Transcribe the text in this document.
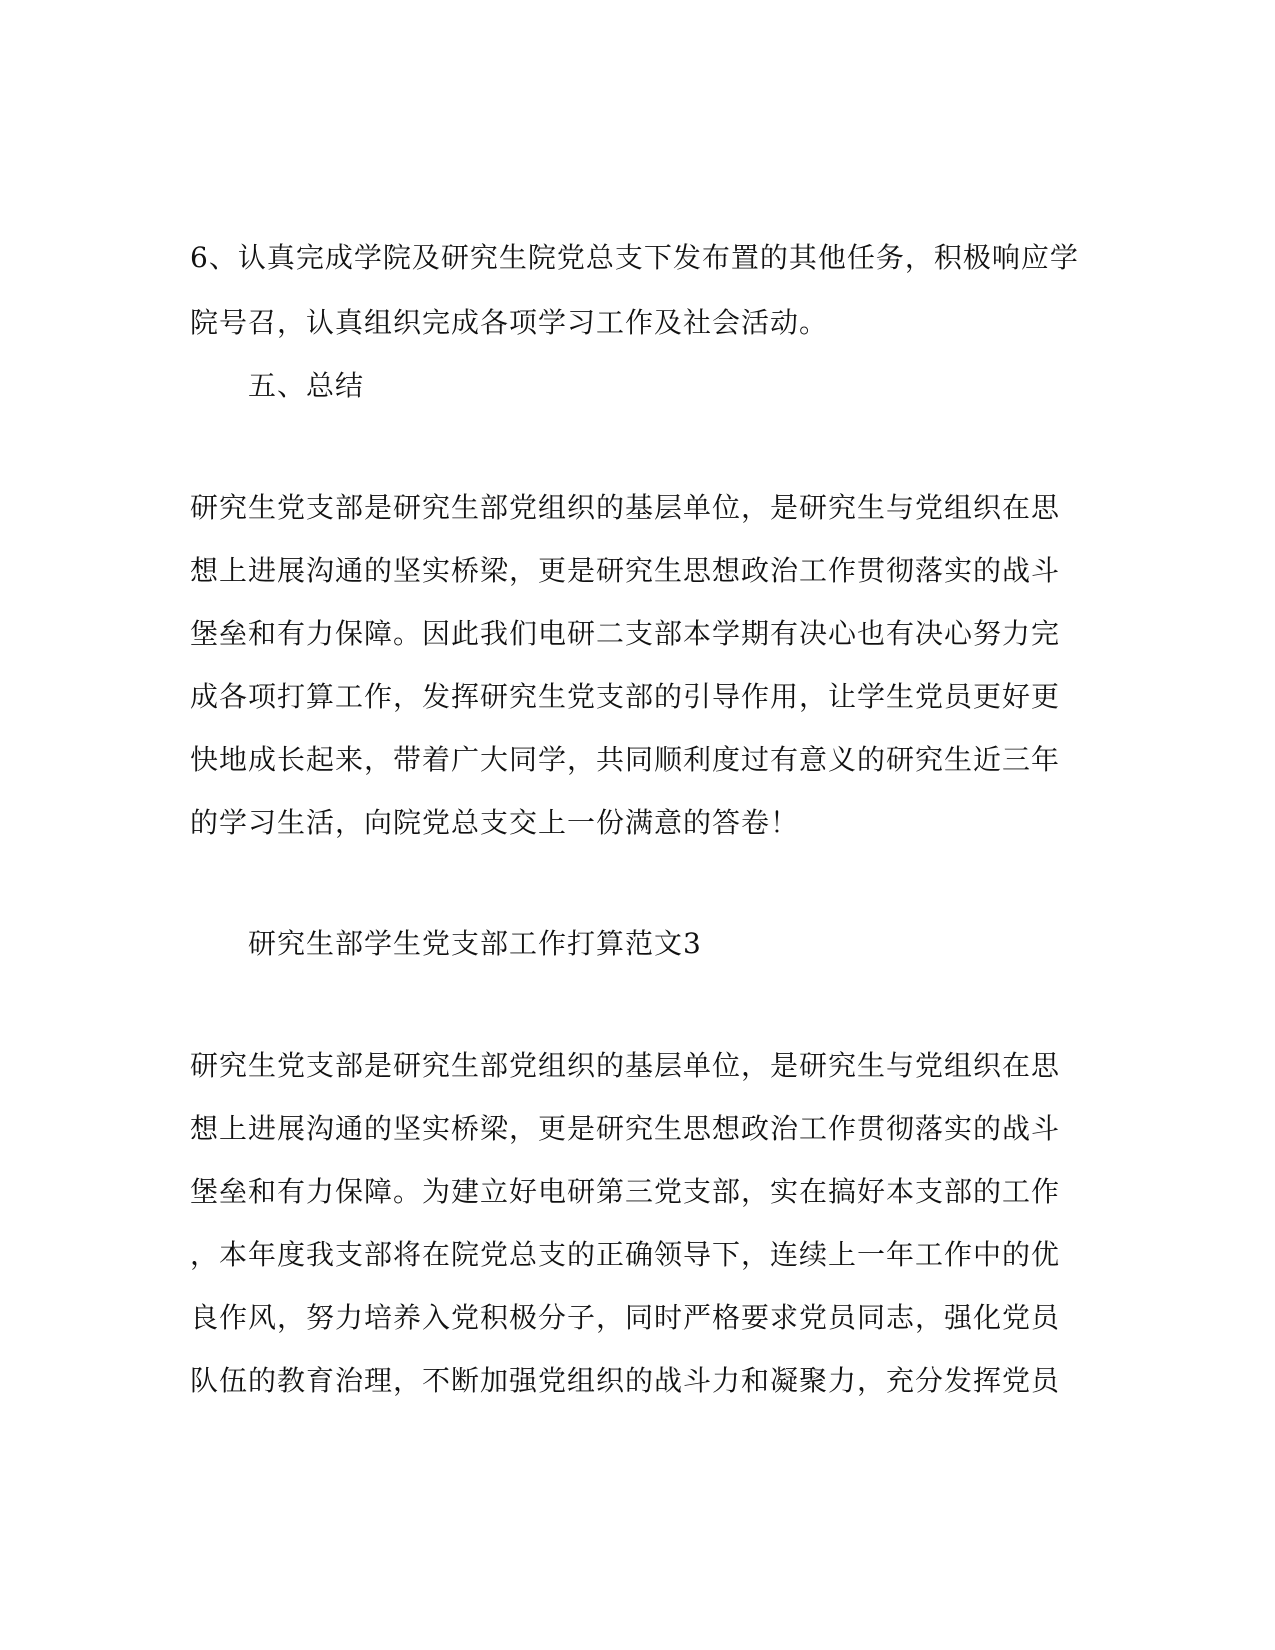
6、认真完成学院及研究生院党总支下发布置的其他任务，积极响应学

院号召，认真组织完成各项学习工作及社会活动。

五、总结

研究生党支部是研究生部党组织的基层单位，是研究生与党组织在思

想上进展沟通的坚实桥梁，更是研究生思想政治工作贯彻落实的战斗

堡垒和有力保障。因此我们电研二支部本学期有决心也有决心努力完

成各项打算工作，发挥研究生党支部的引导作用，让学生党员更好更

快地成长起来，带着广大同学，共同顺利度过有意义的研究生近三年

的学习生活，向院党总支交上一份满意的答卷！

研究生部学生党支部工作打算范文3

研究生党支部是研究生部党组织的基层单位，是研究生与党组织在思

想上进展沟通的坚实桥梁，更是研究生思想政治工作贯彻落实的战斗

堡垒和有力保障。为建立好电研第三党支部，实在搞好本支部的工作

，本年度我支部将在院党总支的正确领导下，连续上一年工作中的优

良作风，努力培养入党积极分子，同时严格要求党员同志，强化党员

队伍的教育治理，不断加强党组织的战斗力和凝聚力，充分发挥党员
